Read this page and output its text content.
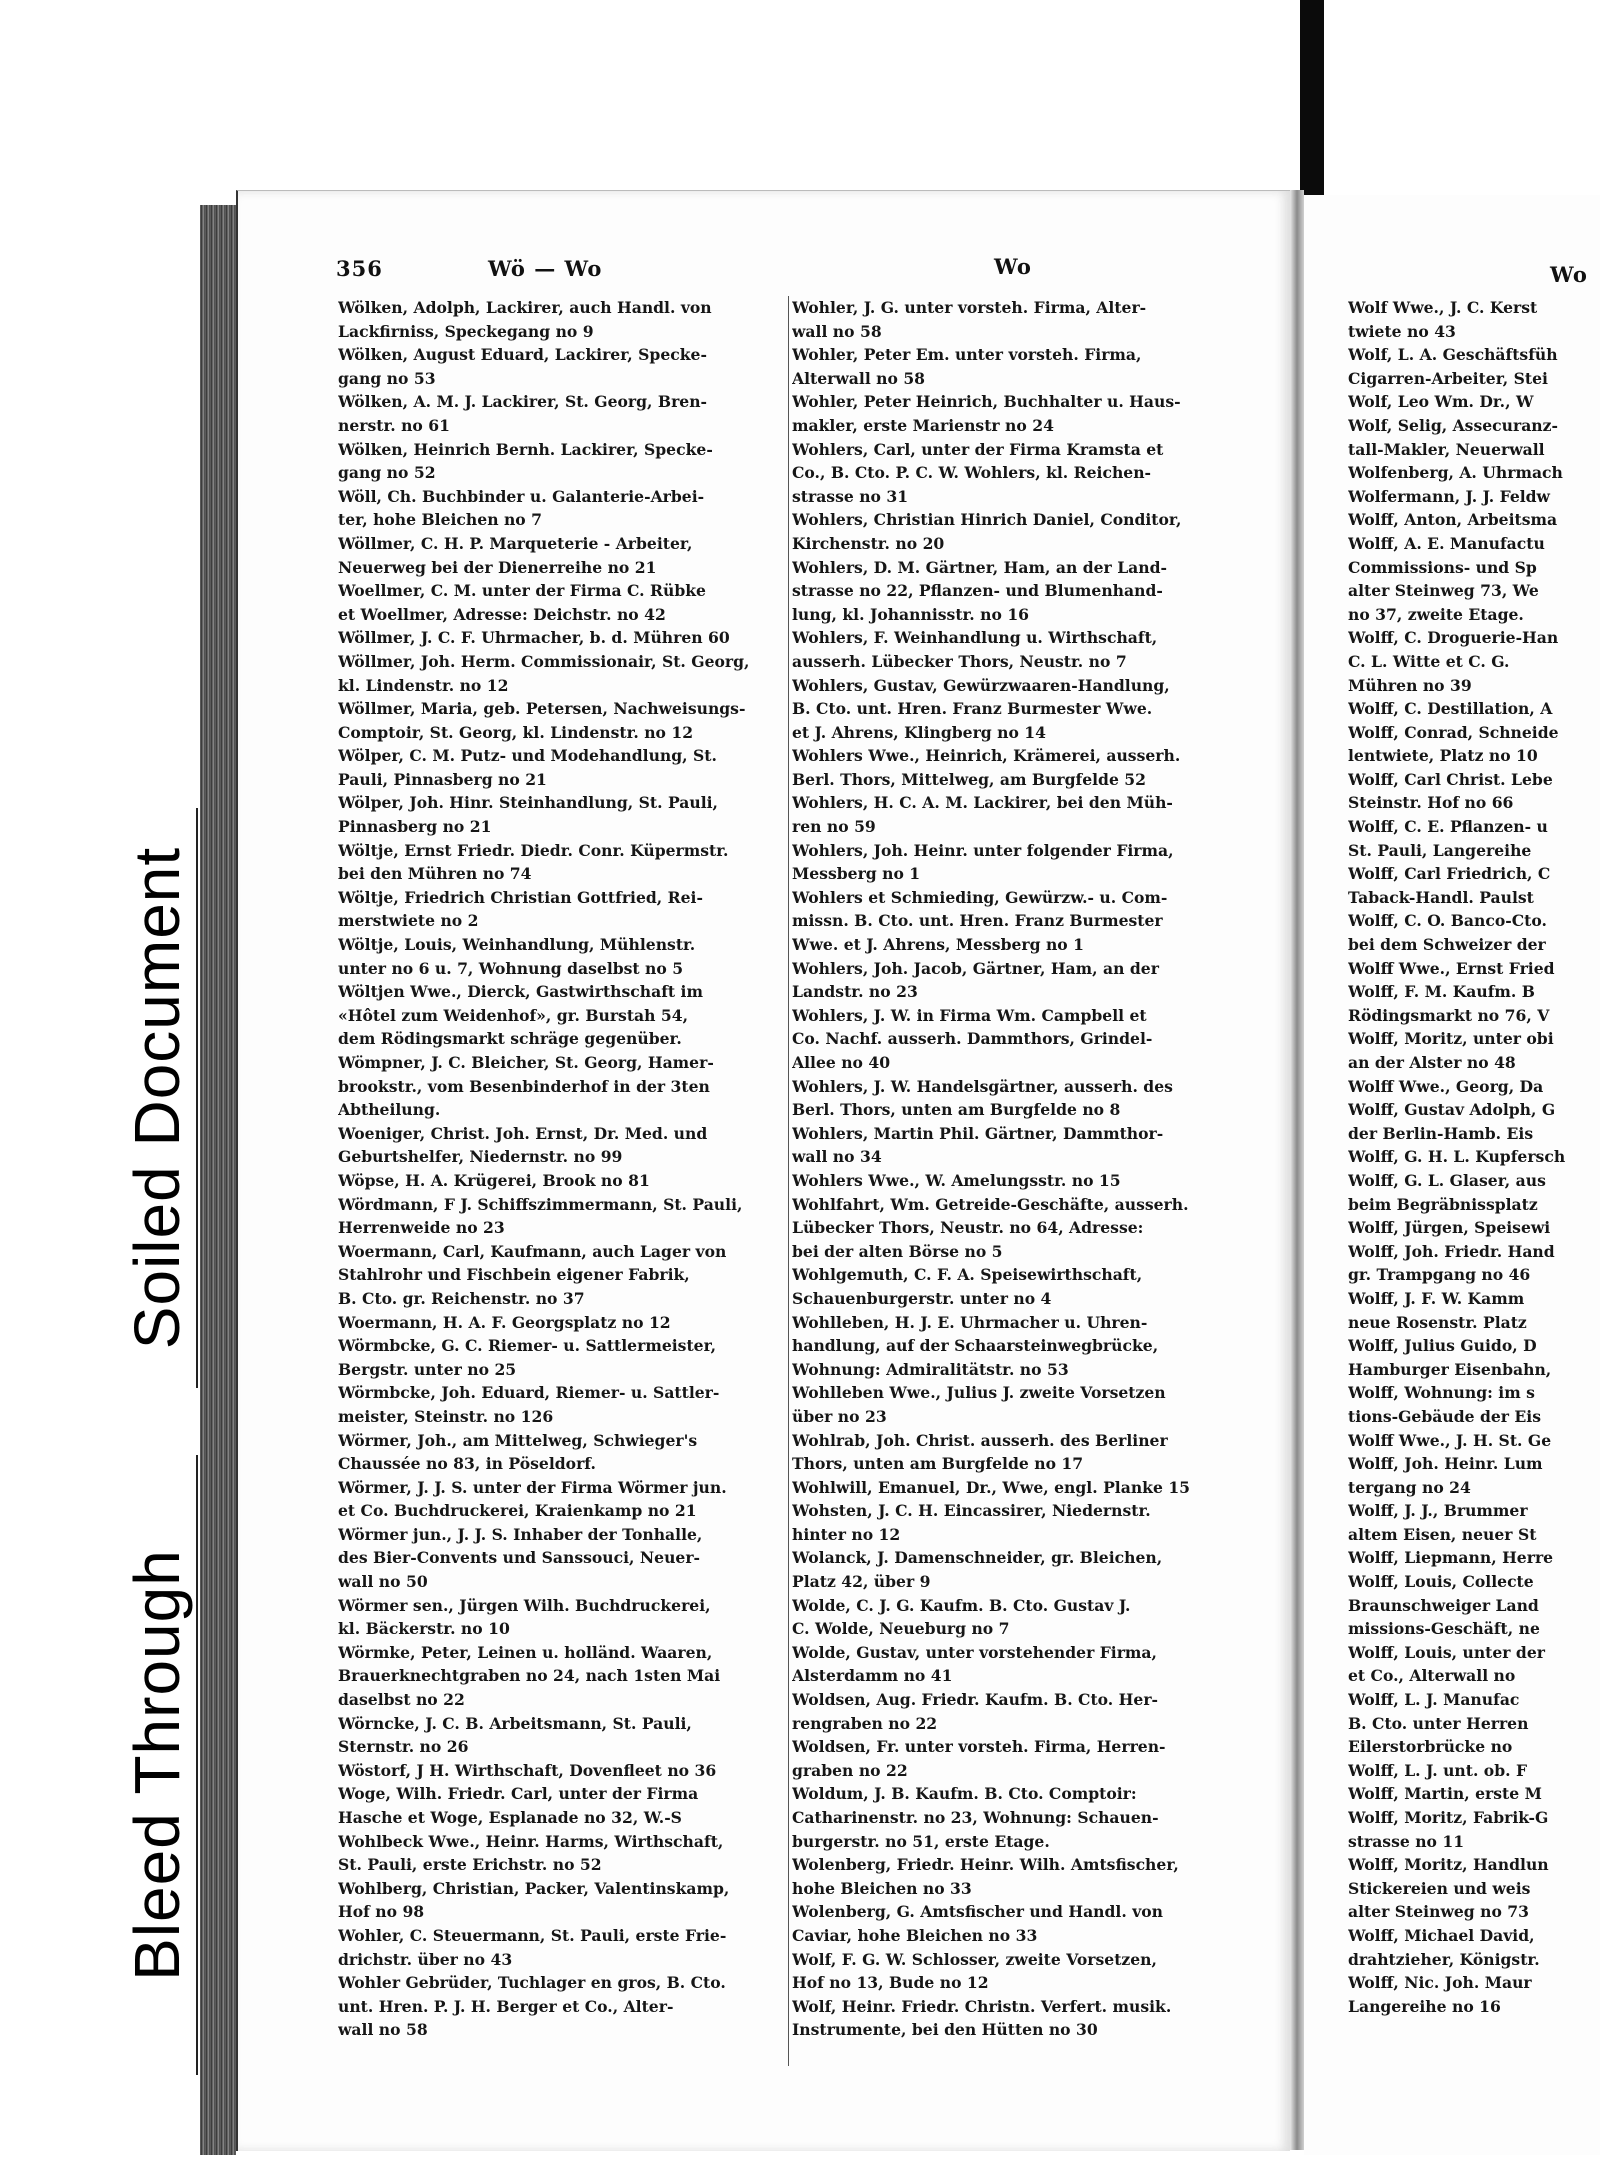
Soiled Document
Bleed Through
356	Wö — Wo	Wo	Wo
Wölken, Adolph, Lackirer, auch Handl. von
Lackfirniss, Speckegang no 9
Wölken, August Eduard, Lackirer, Specke-
gang no 53
Wölken, A. M. J. Lackirer, St. Georg, Bren-
nerstr. no 61
Wölken, Heinrich Bernh. Lackirer, Specke-
gang no 52
Wöll, Ch. Buchbinder u. Galanterie-Arbei-
ter, hohe Bleichen no 7
Wöllmer, C. H. P. Marqueterie - Arbeiter,
Neuerweg bei der Dienerreihe no 21
Woellmer, C. M. unter der Firma C. Rübke
et Woellmer, Adresse: Deichstr. no 42
Wöllmer, J. C. F. Uhrmacher, b. d. Mühren 60
Wöllmer, Joh. Herm. Commissionair, St. Georg,
kl. Lindenstr. no 12
Wöllmer, Maria, geb. Petersen, Nachweisungs-
Comptoir, St. Georg, kl. Lindenstr. no 12
Wölper, C. M. Putz- und Modehandlung, St.
Pauli, Pinnasberg no 21
Wölper, Joh. Hinr. Steinhandlung, St. Pauli,
Pinnasberg no 21
Wöltje, Ernst Friedr. Diedr. Conr. Küpermstr.
bei den Mühren no 74
Wöltje, Friedrich Christian Gottfried, Rei-
merstwiete no 2
Wöltje, Louis, Weinhandlung, Mühlenstr.
unter no 6 u. 7, Wohnung daselbst no 5
Wöltjen Wwe., Dierck, Gastwirthschaft im
«Hôtel zum Weidenhof», gr. Burstah 54,
dem Rödingsmarkt schräge gegenüber.
Wömpner, J. C. Bleicher, St. Georg, Hamer-
brookstr., vom Besenbinderhof in der 3ten
Abtheilung.
Woeniger, Christ. Joh. Ernst, Dr. Med. und
Geburtshelfer, Niedernstr. no 99
Wöpse, H. A. Krügerei, Brook no 81
Wördmann, F J. Schiffszimmermann, St. Pauli,
Herrenweide no 23
Woermann, Carl, Kaufmann, auch Lager von
Stahlrohr und Fischbein eigener Fabrik,
B. Cto. gr. Reichenstr. no 37
Woermann, H. A. F. Georgsplatz no 12
Wörmbcke, G. C. Riemer- u. Sattlermeister,
Bergstr. unter no 25
Wörmbcke, Joh. Eduard, Riemer- u. Sattler-
meister, Steinstr. no 126
Wörmer, Joh., am Mittelweg, Schwieger's
Chaussée no 83, in Pöseldorf.
Wörmer, J. J. S. unter der Firma Wörmer jun.
et Co. Buchdruckerei, Kraienkamp no 21
Wörmer jun., J. J. S. Inhaber der Tonhalle,
des Bier-Convents und Sanssouci, Neuer-
wall no 50
Wörmer sen., Jürgen Wilh. Buchdruckerei,
kl. Bäckerstr. no 10
Wörmke, Peter, Leinen u. holländ. Waaren,
Brauerknechtgraben no 24, nach 1sten Mai
daselbst no 22
Wörncke, J. C. B. Arbeitsmann, St. Pauli,
Sternstr. no 26
Wöstorf, J H. Wirthschaft, Dovenfleet no 36
Woge, Wilh. Friedr. Carl, unter der Firma
Hasche et Woge, Esplanade no 32, W.-S
Wohlbeck Wwe., Heinr. Harms, Wirthschaft,
St. Pauli, erste Erichstr. no 52
Wohlberg, Christian, Packer, Valentinskamp,
Hof no 98
Wohler, C. Steuermann, St. Pauli, erste Frie-
drichstr. über no 43
Wohler Gebrüder, Tuchlager en gros, B. Cto.
unt. Hren. P. J. H. Berger et Co., Alter-
wall no 58
Wohler, J. G. unter vorsteh. Firma, Alter-
wall no 58
Wohler, Peter Em. unter vorsteh. Firma,
Alterwall no 58
Wohler, Peter Heinrich, Buchhalter u. Haus-
makler, erste Marienstr no 24
Wohlers, Carl, unter der Firma Kramsta et
Co., B. Cto. P. C. W. Wohlers, kl. Reichen-
strasse no 31
Wohlers, Christian Hinrich Daniel, Conditor,
Kirchenstr. no 20
Wohlers, D. M. Gärtner, Ham, an der Land-
strasse no 22, Pflanzen- und Blumenhand-
lung, kl. Johannisstr. no 16
Wohlers, F. Weinhandlung u. Wirthschaft,
ausserh. Lübecker Thors, Neustr. no 7
Wohlers, Gustav, Gewürzwaaren-Handlung,
B. Cto. unt. Hren. Franz Burmester Wwe.
et J. Ahrens, Klingberg no 14
Wohlers Wwe., Heinrich, Krämerei, ausserh.
Berl. Thors, Mittelweg, am Burgfelde 52
Wohlers, H. C. A. M. Lackirer, bei den Müh-
ren no 59
Wohlers, Joh. Heinr. unter folgender Firma,
Messberg no 1
Wohlers et Schmieding, Gewürzw.- u. Com-
missn. B. Cto. unt. Hren. Franz Burmester
Wwe. et J. Ahrens, Messberg no 1
Wohlers, Joh. Jacob, Gärtner, Ham, an der
Landstr. no 23
Wohlers, J. W. in Firma Wm. Campbell et
Co. Nachf. ausserh. Dammthors, Grindel-
Allee no 40
Wohlers, J. W. Handelsgärtner, ausserh. des
Berl. Thors, unten am Burgfelde no 8
Wohlers, Martin Phil. Gärtner, Dammthor-
wall no 34
Wohlers Wwe., W. Amelungsstr. no 15
Wohlfahrt, Wm. Getreide-Geschäfte, ausserh.
Lübecker Thors, Neustr. no 64, Adresse:
bei der alten Börse no 5
Wohlgemuth, C. F. A. Speisewirthschaft,
Schauenburgerstr. unter no 4
Wohlleben, H. J. E. Uhrmacher u. Uhren-
handlung, auf der Schaarsteinwegbrücke,
Wohnung: Admiralitätstr. no 53
Wohlleben Wwe., Julius J. zweite Vorsetzen
über no 23
Wohlrab, Joh. Christ. ausserh. des Berliner
Thors, unten am Burgfelde no 17
Wohlwill, Emanuel, Dr., Wwe, engl. Planke 15
Wohsten, J. C. H. Eincassirer, Niedernstr.
hinter no 12
Wolanck, J. Damenschneider, gr. Bleichen,
Platz 42, über 9
Wolde, C. J. G. Kaufm. B. Cto. Gustav J.
C. Wolde, Neueburg no 7
Wolde, Gustav, unter vorstehender Firma,
Alsterdamm no 41
Woldsen, Aug. Friedr. Kaufm. B. Cto. Her-
rengraben no 22
Woldsen, Fr. unter vorsteh. Firma, Herren-
graben no 22
Woldum, J. B. Kaufm. B. Cto. Comptoir:
Catharinenstr. no 23, Wohnung: Schauen-
burgerstr. no 51, erste Etage.
Wolenberg, Friedr. Heinr. Wilh. Amtsfischer,
hohe Bleichen no 33
Wolenberg, G. Amtsfischer und Handl. von
Caviar, hohe Bleichen no 33
Wolf, F. G. W. Schlosser, zweite Vorsetzen,
Hof no 13, Bude no 12
Wolf, Heinr. Friedr. Christn. Verfert. musik.
Instrumente, bei den Hütten no 30
Wolf Wwe., J. C. Kerst
twiete no 43
Wolf, L. A. Geschäftsfüh
Cigarren-Arbeiter, Stei
Wolf, Leo Wm. Dr., W
Wolf, Selig, Assecuranz-
tall-Makler, Neuerwall
Wolfenberg, A. Uhrmach
Wolfermann, J. J. Feldw
Wolff, Anton, Arbeitsma
Wolff, A. E. Manufactu
Commissions- und Sp
alter Steinweg 73, We
no 37, zweite Etage.
Wolff, C. Droguerie-Han
C. L. Witte et C. G.
Mühren no 39
Wolff, C. Destillation, A
Wolff, Conrad, Schneide
lentwiete, Platz no 10
Wolff, Carl Christ. Lebe
Steinstr. Hof no 66
Wolff, C. E. Pflanzen- u
St. Pauli, Langereihe
Wolff, Carl Friedrich, C
Taback-Handl. Paulst
Wolff, C. O. Banco-Cto.
bei dem Schweizer der
Wolff Wwe., Ernst Fried
Wolff, F. M. Kaufm. B
Rödingsmarkt no 76, V
Wolff, Moritz, unter obi
an der Alster no 48
Wolff Wwe., Georg, Da
Wolff, Gustav Adolph, G
der Berlin-Hamb. Eis
Wolff, G. H. L. Kupfersch
Wolff, G. L. Glaser, aus
beim Begräbnissplatz
Wolff, Jürgen, Speisewi
Wolff, Joh. Friedr. Hand
gr. Trampgang no 46
Wolff, J. F. W. Kamm
neue Rosenstr. Platz
Wolff, Julius Guido, D
Hamburger Eisenbahn,
Wolff, Wohnung: im s
tions-Gebäude der Eis
Wolff Wwe., J. H. St. Ge
Wolff, Joh. Heinr. Lum
tergang no 24
Wolff, J. J., Brummer
altem Eisen, neuer St
Wolff, Liepmann, Herre
Wolff, Louis, Collecte
Braunschweiger Land
missions-Geschäft, ne
Wolff, Louis, unter der
et Co., Alterwall no
Wolff, L. J. Manufac
B. Cto. unter Herren
Eilerstorbrücke no
Wolff, L. J. unt. ob. F
Wolff, Martin, erste M
Wolff, Moritz, Fabrik-G
strasse no 11
Wolff, Moritz, Handlun
Stickereien und weis
alter Steinweg no 73
Wolff, Michael David,
drahtzieher, Königstr.
Wolff, Nic. Joh. Maur
Langereihe no 16
